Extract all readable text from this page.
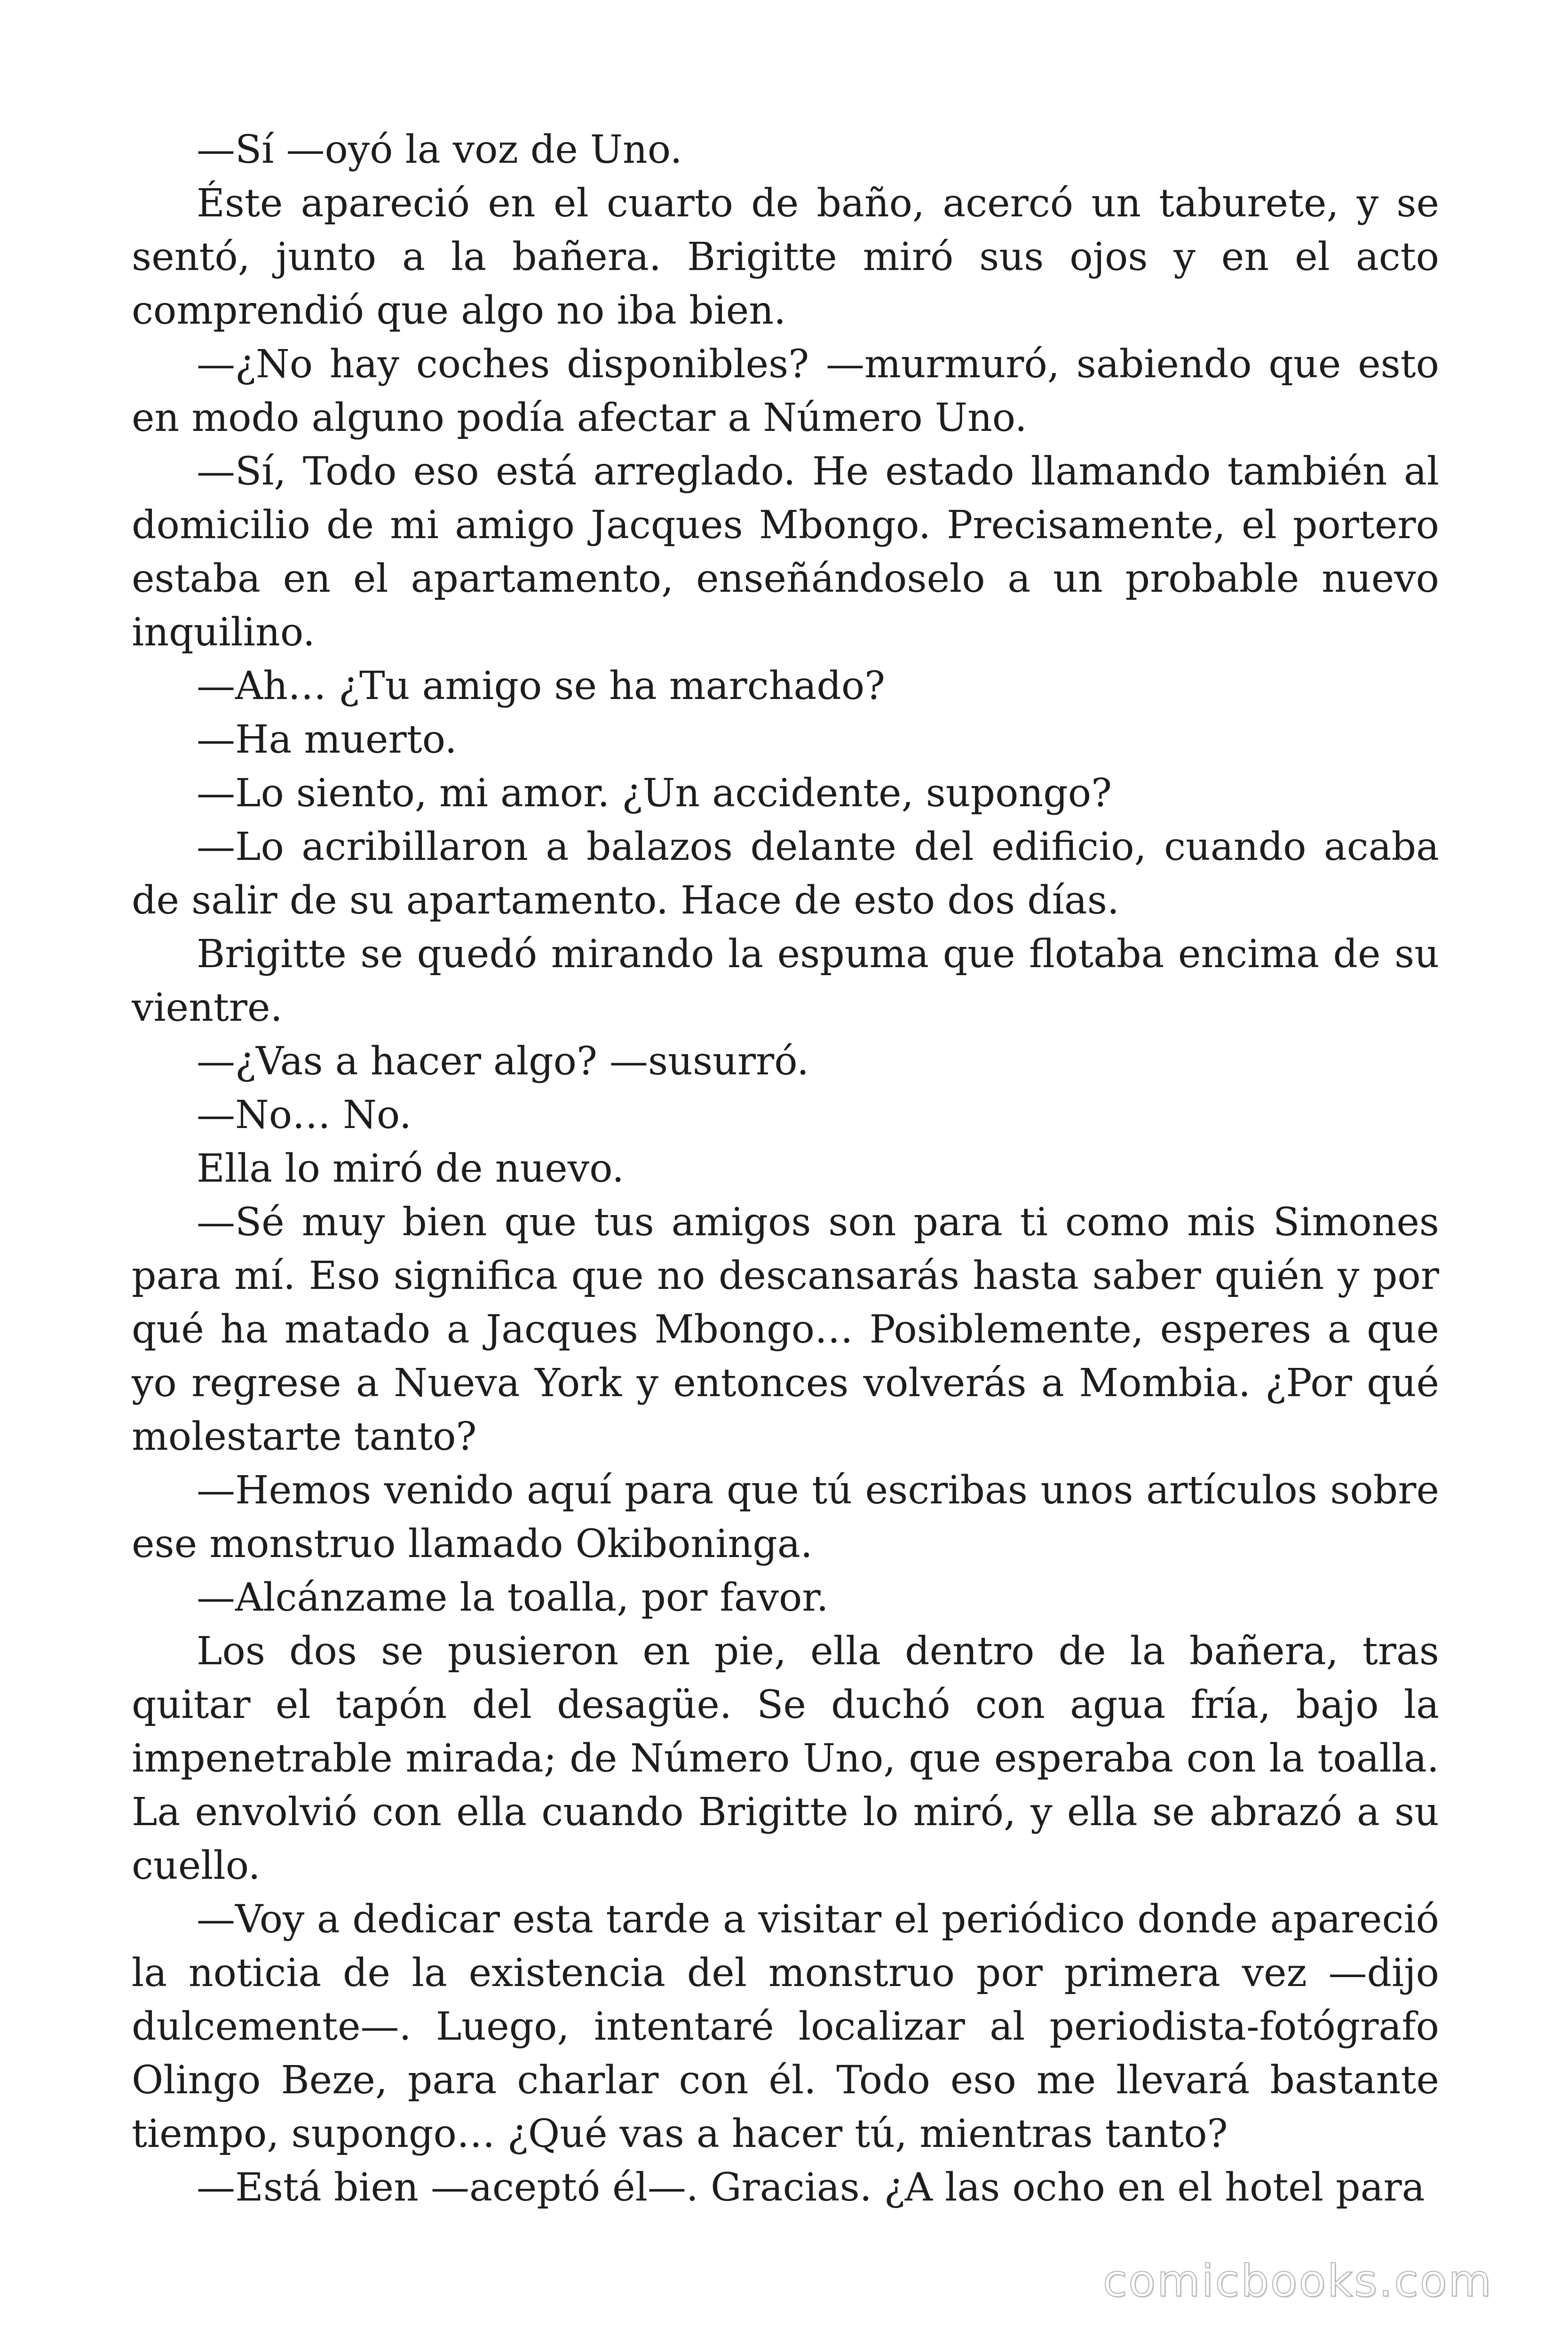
—Sí —oyó la voz de Uno.

Éste apareció en el cuarto de baño, acercó un taburete, y se sentó, junto a la bañera. Brigitte miró sus ojos y en el acto comprendió que algo no iba bien.

—¿No hay coches disponibles? —murmuró, sabiendo que esto en modo alguno podía afectar a Número Uno.

—Sí, Todo eso está arreglado. He estado llamando también al domicilio de mi amigo Jacques Mbongo. Precisamente, el portero estaba en el apartamento, enseñándoselo a un probable nuevo inquilino.

—Ah… ¿Tu amigo se ha marchado?

—Ha muerto.

—Lo siento, mi amor. ¿Un accidente, supongo?

—Lo acribillaron a balazos delante del edificio, cuando acaba de salir de su apartamento. Hace de esto dos días.

Brigitte se quedó mirando la espuma que flotaba encima de su vientre.

—¿Vas a hacer algo? —susurró.

—No… No.

Ella lo miró de nuevo.

—Sé muy bien que tus amigos son para ti como mis Simones para mí. Eso significa que no descansarás hasta saber quién y por qué ha matado a Jacques Mbongo… Posiblemente, esperes a que yo regrese a Nueva York y entonces volverás a Mombia. ¿Por qué molestarte tanto?

—Hemos venido aquí para que tú escribas unos artículos sobre ese monstruo llamado Okiboninga.

—Alcánzame la toalla, por favor.

Los dos se pusieron en pie, ella dentro de la bañera, tras quitar el tapón del desagüe. Se duchó con agua fría, bajo la impenetrable mirada; de Número Uno, que esperaba con la toalla. La envolvió con ella cuando Brigitte lo miró, y ella se abrazó a su cuello.

—Voy a dedicar esta tarde a visitar el periódico donde apareció la noticia de la existencia del monstruo por primera vez —dijo dulcemente—. Luego, intentaré localizar al periodista-fotógrafo Olingo Beze, para charlar con él. Todo eso me llevará bastante tiempo, supongo… ¿Qué vas a hacer tú, mientras tanto?

—Está bien —aceptó él—. Gracias. ¿A las ocho en el hotel para

comicbooks.com
